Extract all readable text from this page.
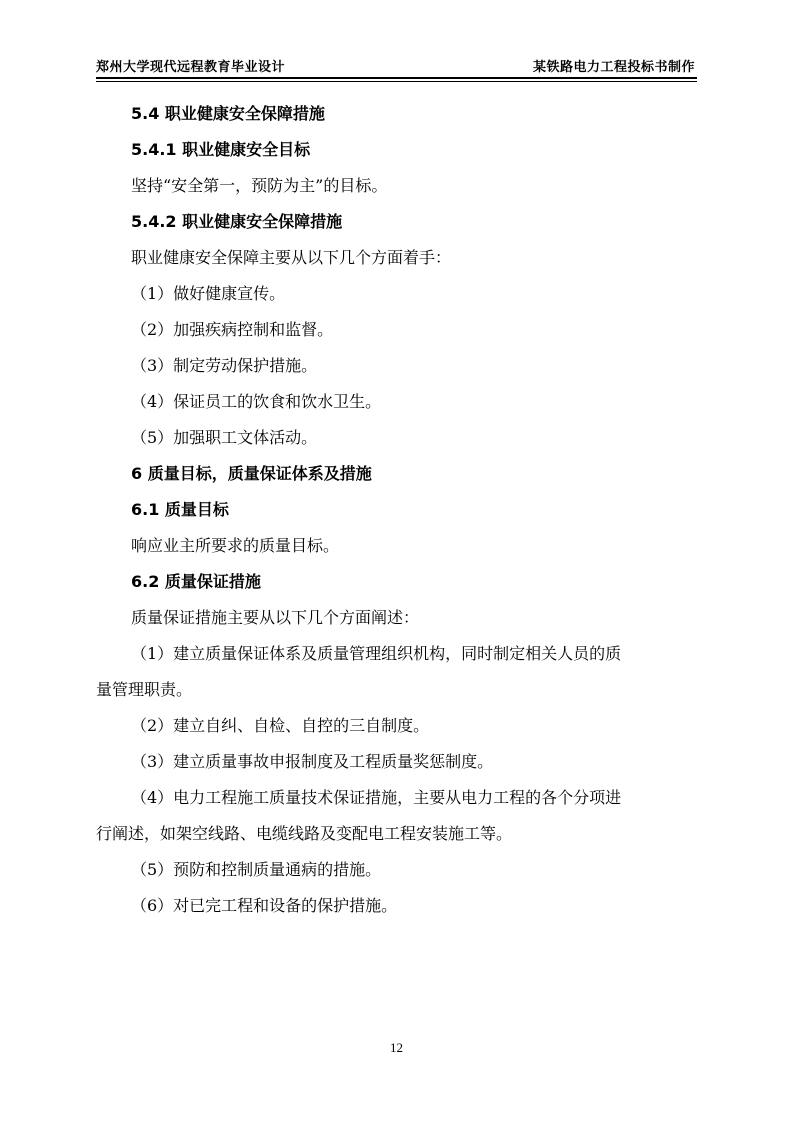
郑州大学现代远程教育毕业设计	某铁路电力工程投标书制作
5.4 职业健康安全保障措施
5.4.1 职业健康安全目标
坚持“安全第一，预防为主”的目标。
5.4.2 职业健康安全保障措施
职业健康安全保障主要从以下几个方面着手：
（1）做好健康宣传。
（2）加强疾病控制和监督。
（3）制定劳动保护措施。
（4）保证员工的饮食和饮水卫生。
（5）加强职工文体活动。
6 质量目标，质量保证体系及措施
6.1 质量目标
响应业主所要求的质量目标。
6.2 质量保证措施
质量保证措施主要从以下几个方面阐述：
（1）建立质量保证体系及质量管理组织机构，同时制定相关人员的质
量管理职责。
（2）建立自纠、自检、自控的三自制度。
（3）建立质量事故申报制度及工程质量奖惩制度。
（4）电力工程施工质量技术保证措施，主要从电力工程的各个分项进
行阐述，如架空线路、电缆线路及变配电工程安装施工等。
（5）预防和控制质量通病的措施。
（6）对已完工程和设备的保护措施。
12
